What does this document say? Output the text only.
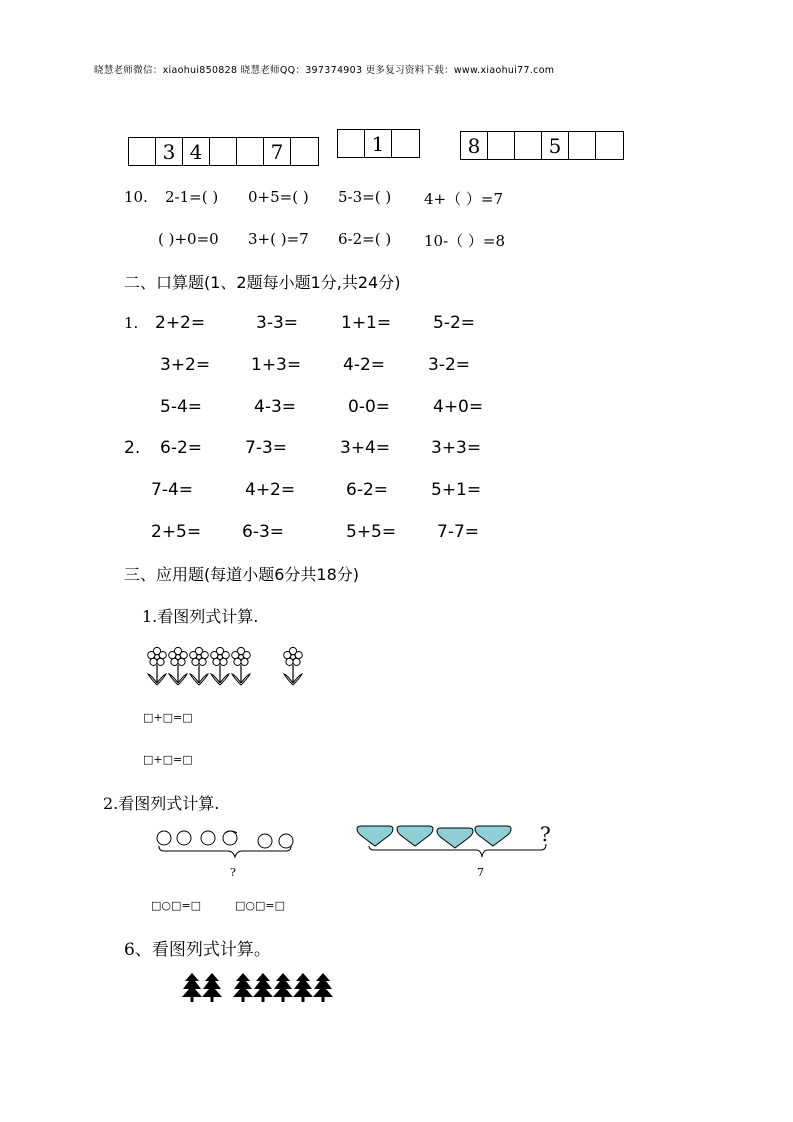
晓慧老师微信：xiaohui850828 晓慧老师QQ：397374903 更多复习资料下载：www.xiaohui77.com
3 4	7	1	8	5
10. 2-1=( ) 0+5=( ) 5-3=( ) 4+（ ）=7
( )+0=0 3+( )=7 6-2=( ) 10-（ ）=8
二、口算题(1、2题每小题1分,共24分)
1. 2+2=	3-3=	1+1= 5-2=
3+2= 1+3= 4-2=	3-2=
5-4=	4-3=	0-0=	4+0=
2. 6-2=	7-3=	3+4= 3+3=
7-4=	4+2=	6-2=	5+1=
2+5= 6-3=	5+5= 7-7=
三、应用题(每道小题6分共18分)
1.看图列式计算.
□+□=□
□+□=□
2.看图列式计算.
?
?
7
□○□=□	□○□=□
6、看图列式计算。
